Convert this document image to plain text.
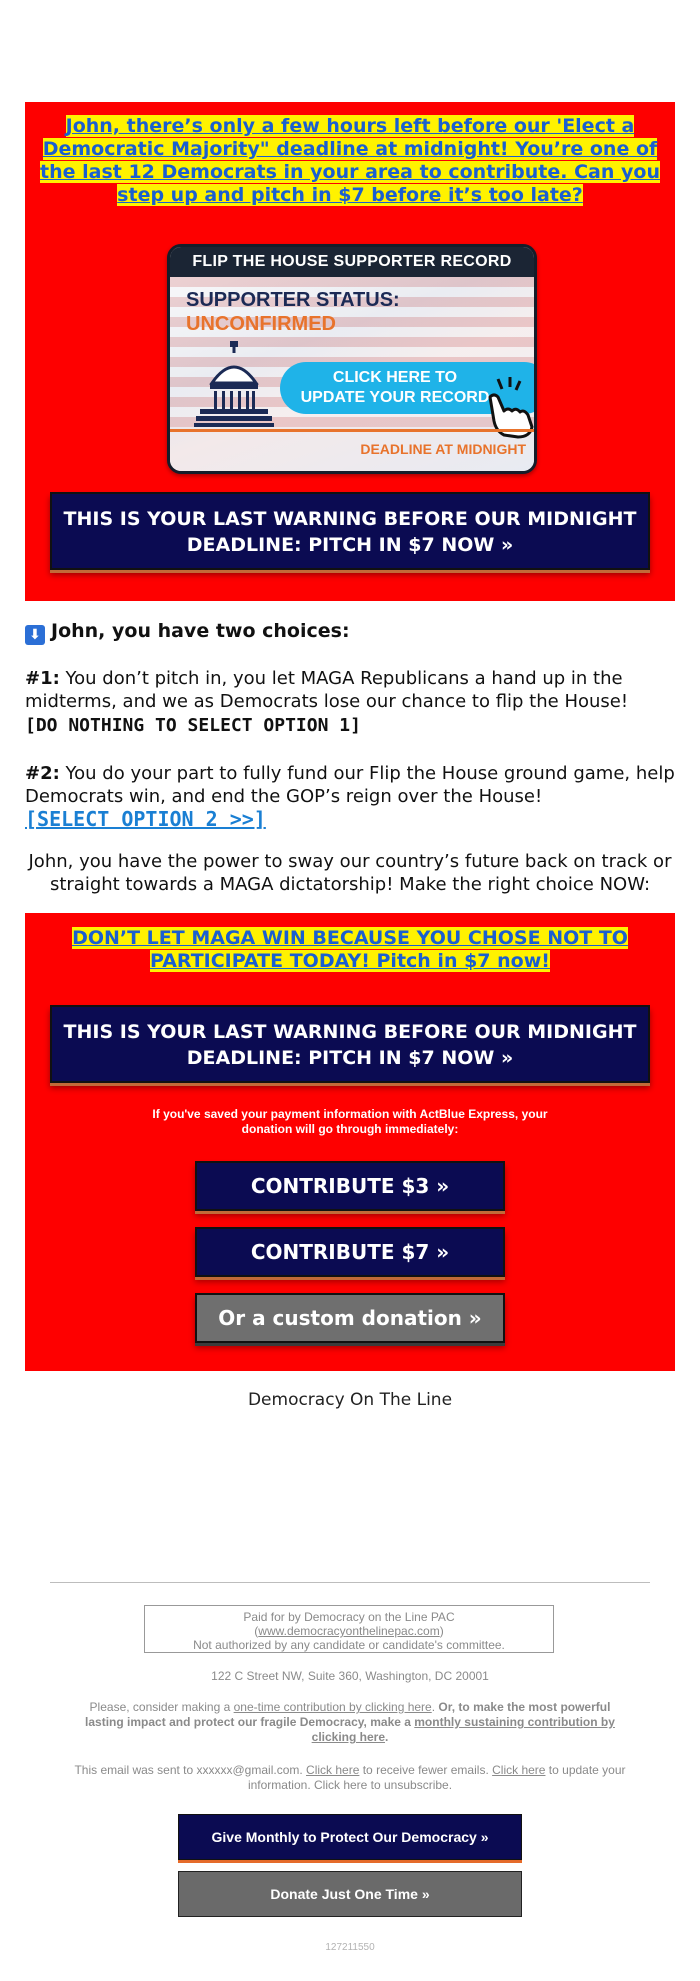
John, there’s only a few hours left before our 'Elect a Democratic Majority" deadline at midnight! You’re one of the last 12 Democrats in your area to contribute. Can you step up and pitch in $7 before it’s too late?
FLIP THE HOUSE SUPPORTER RECORD
SUPPORTER STATUS:
UNCONFIRMED
CLICK HERE TO
UPDATE YOUR RECORD
DEADLINE AT MIDNIGHT
THIS IS YOUR LAST WARNING BEFORE OUR MIDNIGHT
DEADLINE: PITCH IN $7 NOW »
⬇ John, you have two choices:
#1: You don’t pitch in, you let MAGA Republicans a hand up in the midterms, and we as Democrats lose our chance to flip the House!
[DO NOTHING TO SELECT OPTION 1]
#2: You do your part to fully fund our Flip the House ground game, help Democrats win, and end the GOP’s reign over the House!
[SELECT OPTION 2 >>]
John, you have the power to sway our country’s future back on track or straight towards a MAGA dictatorship! Make the right choice NOW:
DON’T LET MAGA WIN BECAUSE YOU CHOSE NOT TO PARTICIPATE TODAY! Pitch in $7 now!
THIS IS YOUR LAST WARNING BEFORE OUR MIDNIGHT
DEADLINE: PITCH IN $7 NOW »
If you've saved your payment information with ActBlue Express, your
donation will go through immediately:
CONTRIBUTE $3 »
CONTRIBUTE $7 »
Or a custom donation »
Democracy On The Line
Paid for by Democracy on the Line PAC
(www.democracyonthelinepac.com)
Not authorized by any candidate or candidate's committee.
122 C Street NW, Suite 360, Washington, DC 20001
Please, consider making a one-time contribution by clicking here. Or, to make the most powerful lasting impact and protect our fragile Democracy, make a monthly sustaining contribution by clicking here.
This email was sent to xxxxxx@gmail.com. Click here to receive fewer emails. Click here to update your information. Click here to unsubscribe.
Give Monthly to Protect Our Democracy »
Donate Just One Time »
127211550
